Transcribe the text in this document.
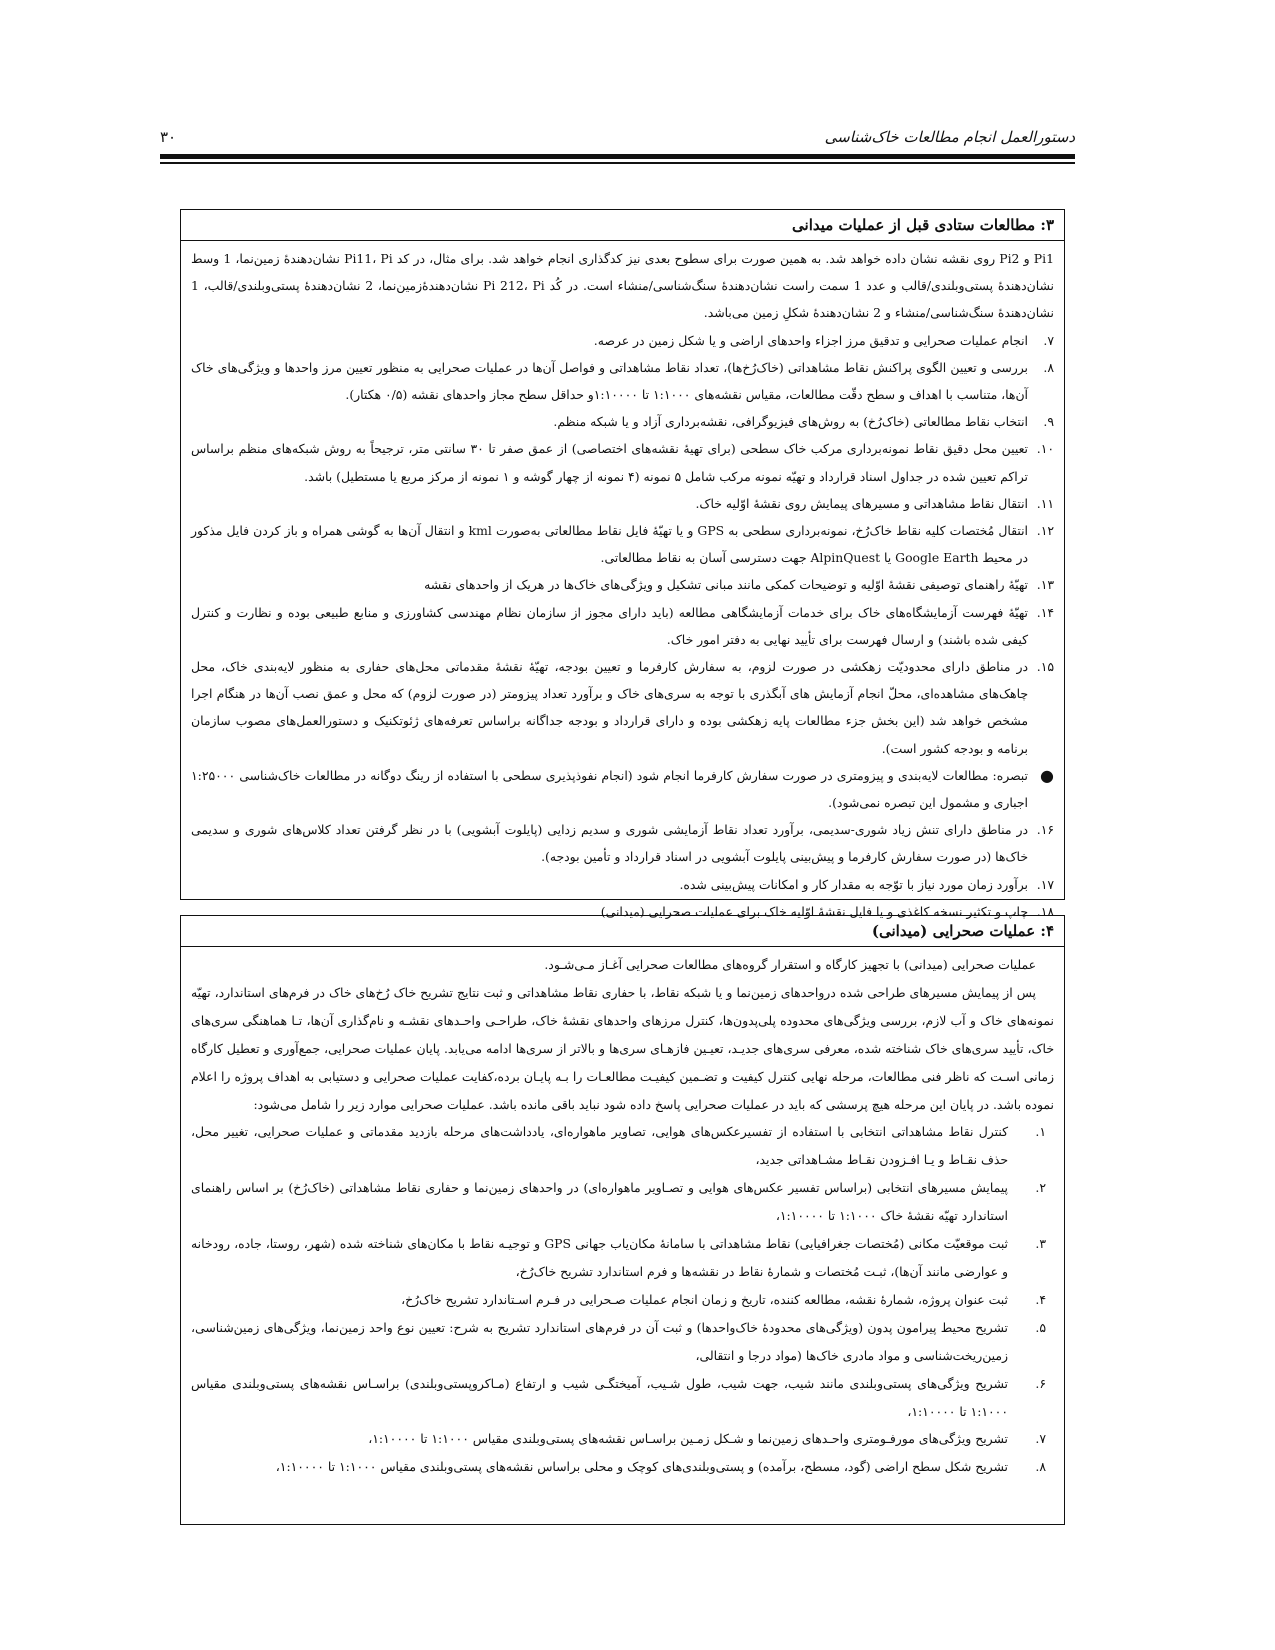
دستورالعمل انجام مطالعات خاک‌شناسی
۳۰
۳: مطالعات ستادی قبل از عملیات میدانی

Pi1 و Pi2 روی نقشه نشان داده خواهد شد. به همین صورت برای سطوح بعدی نیز کدگذاری انجام خواهد شد. برای مثال، در کد Pi11، Pi نشان‌دهندهٔ زمین‌نما، 1 وسط نشان‌دهندهٔ پستی‌وبلندی/قالب و عدد 1 سمت راست نشان‌دهندهٔ سنگ‌شناسی/منشاء است. در کُد Pi 212، Pi نشان‌دهندهٔ‌زمین‌نما، 2 نشان‌دهندهٔ پستی‌وبلندی/قالب، 1 نشان‌دهندهٔ سنگ‌شناسی/منشاء و 2 نشان‌دهندهٔ شکلِ زمین می‌باشد.

۷.
انجام عملیات صحرایی و تدقیق مرز اجزاء واحدهای اراضی و یا شکل زمین در عرصه.
۸.
بررسی و تعیین الگوی پراکنش نقاط مشاهداتی (خاک‌رُخ‌ها)، تعداد نقاط مشاهداتی و فواصل آن‌ها در عملیات صحرایی به منظور تعیین مرز واحدها و ویژگی‌های خاک آن‌ها، متناسب با اهداف و سطح دقّت مطالعات، مقیاس نقشه‌های ۱:۱۰۰۰ تا ۱:۱۰۰۰۰و حداقل سطح مجاز واحدهای نقشه (۰/۵ هکتار).
۹.
انتخاب نقاط مطالعاتی (خاک‌رُخ) به روش‌های فیزیوگرافی، نقشه‌برداری آزاد و یا شبکه منظم.
۱۰.
تعیین محل دقیق نقاط نمونه‌برداری مرکب خاک سطحی (برای تهیهٔ نقشه‌های اختصاصی) از عمق صفر تا ۳۰ سانتی متر، ترجیحاً به روش شبکه‌های منظم براساس تراکم تعیین شده در جداول اسناد قرارداد و تهیّه نمونه مرکب شامل ۵ نمونه (۴ نمونه از چهار گوشه و ۱ نمونه از مرکز مربع یا مستطیل) باشد.
۱۱.
انتقال نقاط مشاهداتی و مسیرهای پیمایش روی نقشهٔ اوّلیه خاک.
۱۲.
انتقال مُختصات کلیه نقاط خاک‌رُخ، نمونه‌برداری سطحی به GPS و یا تهیّهٔ فایل نقاط مطالعاتی به‌صورت kml و انتقال آن‌ها به گوشی همراه و باز کردن فایل مذکور در محیط Google Earth یا AlpinQuest جهت دسترسی آسان به نقاط مطالعاتی.
۱۳.
تهیّهٔ راهنمای توصیفی نقشهٔ اوّلیه و توضیحات کمکی مانند مبانی تشکیل و ویژگی‌های خاک‌ها در هریک از واحدهای نقشه
۱۴.
تهیّهٔ فهرست آزمایشگاه‌های خاک برای خدمات آزمایشگاهی مطالعه (باید دارای مجوز از سازمان نظام مهندسی کشاورزی و منابع طبیعی بوده و نظارت و کنترل کیفی شده باشند) و ارسال فهرست برای تأیید نهایی به دفتر امور خاک.
۱۵.
در مناطق دارای محدودیّت زهکشی در صورت لزوم، به سفارش کارفرما و تعیین بودجه، تهیّهٔ نقشهٔ مقدماتی محل‌های حفاری به منظور لایه‌بندی خاک، محل چاهک‌های مشاهده‌ای، محلّ انجام آزمایش های آبگذری با توجه به سری‌های خاک و برآورد تعداد پیزومتر (در صورت لزوم) که محل و عمق نصب آن‌ها در هنگام اجرا مشخص خواهد شد (این بخش جزء مطالعات پایه زهکشی بوده و دارای قرارداد و بودجه جداگانه براساس تعرفه‌های ژئوتکنیک و دستورالعمل‌های مصوب سازمان برنامه و بودجه کشور است).
●
تبصره: مطالعات لایه‌بندی و پیزومتری در صورت سفارش کارفرما انجام شود (انجام نفوذپذیری سطحی با استفاده از رینگ دوگانه در مطالعات خاک‌شناسی ۱:۲۵۰۰۰ اجباری و مشمول این تبصره نمی‌شود).
۱۶.
در مناطق دارای تنش زیاد شوری-سدیمی، برآورد تعداد نقاط آزمایشی شوری و سدیم زدایی (پایلوت آبشویی) با در نظر گرفتن تعداد کلاس‌های شوری و سدیمی خاک‌ها (در صورت سفارش کارفرما و پیش‌بینی پایلوت آبشویی در اسناد قرارداد و تأمین بودجه).
۱۷.
برآورد زمان مورد نیاز با توّجه به مقدار کار و امکانات پیش‌بینی شده.
۱۸.
چاپ و تکثیر نسخه کاغذی و یا فایل نقشهٔ اوّلیه خاک برای عملیات صحرایی (میدانی)
۴: عملیات صحرایی (میدانی)

عملیات صحرایی (میدانی) با تجهیز کارگاه و استقرار گروه‌های مطالعات صحرایی آغـاز مـی‌شـود.

پس از پیمایش مسیرهای طراحی شده دروا‌حدهای زمین‌نما و یا شبکه نقاط، با حفاری نقاط مشاهداتی و ثبت نتایج تشریح خاک رُخ‌های خاک در فرم‌های استاندارد، تهیّه نمونه‌های خاک و آب لازم، بررسی ویژگی‌های محدوده پلی‌پدون‌ها، کنترل مرزهای واحدهای نقشهٔ خاک، طراحـی واحـدهای نقشـه و نام‌گذاری آن‌ها، تـا هماهنگی سری‌های خاک، تأیید سری‌های خاک شناخته شده، معرفی سری‌های جدیـد، تعیـین فازهـای سری‌ها و بالاتر از سری‌ها ادامه می‌یابد. پایان عملیات صحرایی، جمع‌آوری و تعطیل کارگاه زمانی اسـت که ناظر فنی مطالعات، مرحله نهایی کنترل کیفیت و تضـمین کیفیـت مطالعـات را بـه پایـان برده،کفایت عملیات صحرایی و دستیابی به اهداف پروژه را اعلام نموده باشد. در پایان این مرحله هیچ پرسشی که باید در عملیات صحرایی پاسخ داده شود نباید باقی مانده باشد. عملیات صحرایی موارد زیر را شامل می‌شود:

۱.
کنترل نقاط مشاهداتی انتخابی با استفاده از تفسیرعکس‌های هوایی، تصاویر ماهواره‌ای، یادداشت‌های مرحله بازدید مقدماتی و عملیات صحرایی، تغییر محل، حذف نقـاط و یـا افـزودن نقـاط مشـاهداتی جدید،
۲.
پیمایش مسیرهای انتخابی (براساس تفسیر عکس‌های هوایی و تصـاویر ماهواره‌ای) در واحدهای زمین‌نما و حفاری نقاط مشاهداتی (خاک‌رُخ) بر اساس راهنمای استاندارد تهیّه نقشهٔ خاک ۱:۱۰۰۰ تا ۱:۱۰۰۰۰،
۳.
ثبت موقعیّت مکانی (مُختصات جغرافیایی) نقاط مشاهداتی با سامانهٔ مکان‌یاب جهانی GPS و توجیـه نقاط با مکان‌های شناخته شده (شهر، روستا، جاده، رودخانه و عوارضی مانند آن‌ها)، ثبـت مُختصات و شمارهٔ نقاط در نقشه‌ها و فرم استاندارد تشریح خاک‌رُخ،
۴.
ثبت عنوان پروژه، شمارهٔ نقشه، مطالعه کننده، تاریخ و زمان انجام عملیات صـحرایی در فـرم اسـتاندارد تشریح خاک‌رُخ،
۵.
تشریح محیط پیرامون پدون (ویژگی‌های محدودهٔ خاک‌واحدها) و ثبت آن در فرم‌های استاندارد تشریح به شرح: تعیین نوع واحد زمین‌نما، ویژگی‌های زمین‌شناسی، زمین‌ریخت‌شناسی و مواد مادری خاک‌ها (مواد درجا و انتقالی،
۶.
تشریح ویژگی‌های پستی‌وبلندی مانند شیب، جهت شیب، طول شـیب، آمیختگـی شیب و ارتفاع (مـاکروپستی‌وبلندی) براسـاس نقشه‌های پستی‌وبلندی مقیاس ۱:۱۰۰۰ تا ۱:۱۰۰۰۰،
۷.
تشریح ویژگی‌های مورفـومتری واحـدهای زمین‌نما و شـکل زمـین براسـاس نقشه‌های پستی‌وبلندی مقیاس ۱:۱۰۰۰ تا ۱:۱۰۰۰۰،
۸.
تشریح شکل سطح اراضی (گود، مسطح، برآمده) و پستی‌وبلندی‌های کوچک و محلی براساس نقشه‌های پستی‌وبلندی مقیاس ۱:۱۰۰۰ تا ۱:۱۰۰۰۰،
